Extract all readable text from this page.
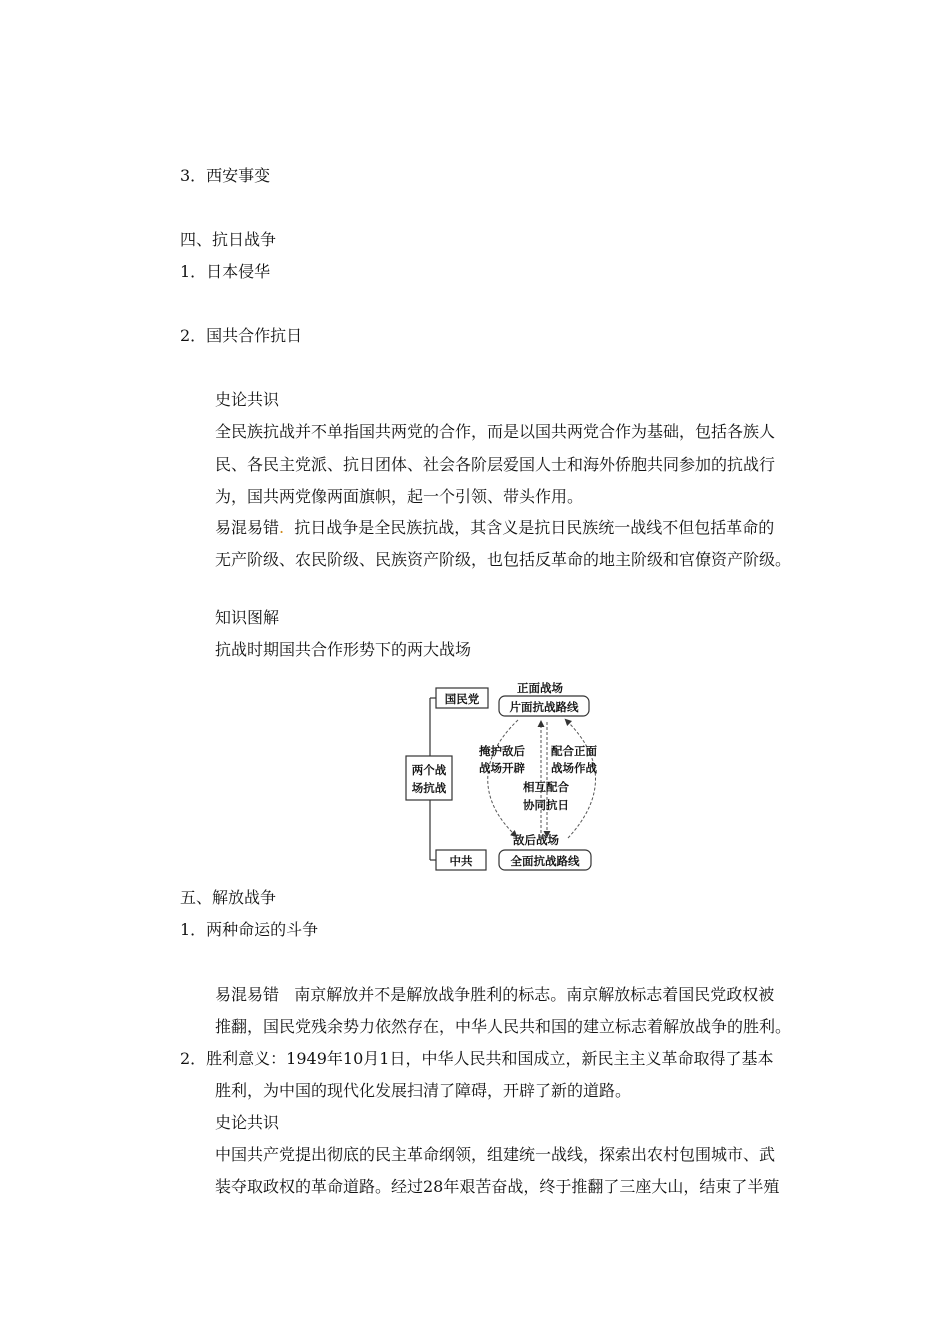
3．西安事变
四、抗日战争
1．日本侵华
2．国共合作抗日
史论共识
全民族抗战并不单指国共两党的合作，而是以国共两党合作为基础，包括各族人
民、各民主党派、抗日团体、社会各阶层爱国人士和海外侨胞共同参加的抗战行
为，国共两党像两面旗帜，起一个引领、带头作用。
易混易错. 抗日战争是全民族抗战，其含义是抗日民族统一战线不但包括革命的
无产阶级、农民阶级、民族资产阶级，也包括反革命的地主阶级和官僚资产阶级。
知识图解
抗战时期国共合作形势下的两大战场
国民党
两个战
场抗战
中共
正面战场
片面抗战路线
敌后战场
全面抗战路线
掩护敌后
战场开辟
配合正面
战场作战
相互配合
协同抗日
五、解放战争
1．两种命运的斗争
易混易错 南京解放并不是解放战争胜利的标志。南京解放标志着国民党政权被
推翻，国民党残余势力依然存在，中华人民共和国的建立标志着解放战争的胜利。
2．胜利意义：1949年10月1日，中华人民共和国成立，新民主主义革命取得了基本
胜利，为中国的现代化发展扫清了障碍，开辟了新的道路。
史论共识
中国共产党提出彻底的民主革命纲领，组建统一战线，探索出农村包围城市、武
装夺取政权的革命道路。经过28年艰苦奋战，终于推翻了三座大山，结束了半殖
